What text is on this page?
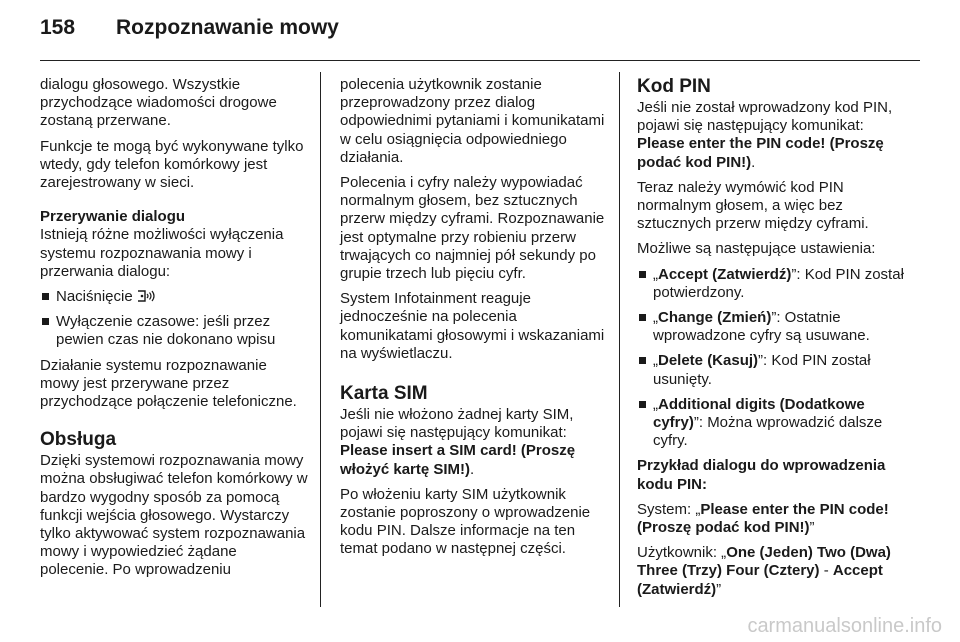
158	Rozpoznawanie mowy

dialogu głosowego. Wszystkie przychodzące wiadomości drogowe zostaną przerwane.

Funkcje te mogą być wykonywane tylko wtedy, gdy telefon komórkowy jest zarejestrowany w sieci.

Przerywanie dialogu

Istnieją różne możliwości wyłączenia systemu rozpoznawania mowy i przerwania dialogu:

Naciśnięcie
Wyłączenie czasowe: jeśli przez pewien czas nie dokonano wpisu

Działanie systemu rozpoznawanie mowy jest przerywane przez przychodzące połączenie telefoniczne.

Obsługa

Dzięki systemowi rozpoznawania mowy można obsługiwać telefon komórkowy w bardzo wygodny sposób za pomocą funkcji wejścia głosowego. Wystarczy tylko aktywować system rozpoznawania mowy i wypowiedzieć żądane polecenie. Po wprowadzeniu

polecenia użytkownik zostanie przeprowadzony przez dialog odpowiednimi pytaniami i komunikatami w celu osiągnięcia odpowiedniego działania.

Polecenia i cyfry należy wypowiadać normalnym głosem, bez sztucznych przerw między cyframi. Rozpoznawanie jest optymalne przy robieniu przerw trwających co najmniej pół sekundy po grupie trzech lub pięciu cyfr.

System Infotainment reaguje jednocześnie na polecenia komunikatami głosowymi i wskazaniami na wyświetlaczu.

Karta SIM

Jeśli nie włożono żadnej karty SIM, pojawi się następujący komunikat:
Please insert a SIM card! (Proszę włożyć kartę SIM!).

Po włożeniu karty SIM użytkownik zostanie poproszony o wprowadzenie kodu PIN. Dalsze informacje na ten temat podano w następnej części.

Kod PIN

Jeśli nie został wprowadzony kod PIN, pojawi się następujący komunikat: Please enter the PIN code! (Proszę podać kod PIN!).

Teraz należy wymówić kod PIN normalnym głosem, a więc bez sztucznych przerw między cyframi.

Możliwe są następujące ustawienia:

„Accept (Zatwierdź)”: Kod PIN został potwierdzony.
„Change (Zmień)”: Ostatnie wprowadzone cyfry są usuwane.
„Delete (Kasuj)”: Kod PIN został usunięty.
„Additional digits (Dodatkowe cyfry)”: Można wprowadzić dalsze cyfry.

Przykład dialogu do wprowadzenia kodu PIN:

System: „Please enter the PIN code! (Proszę podać kod PIN!)”

Użytkownik: „One (Jeden) Two (Dwa) Three (Trzy) Four (Cztery) - Accept (Zatwierdź)”

carmanualsonline.info
